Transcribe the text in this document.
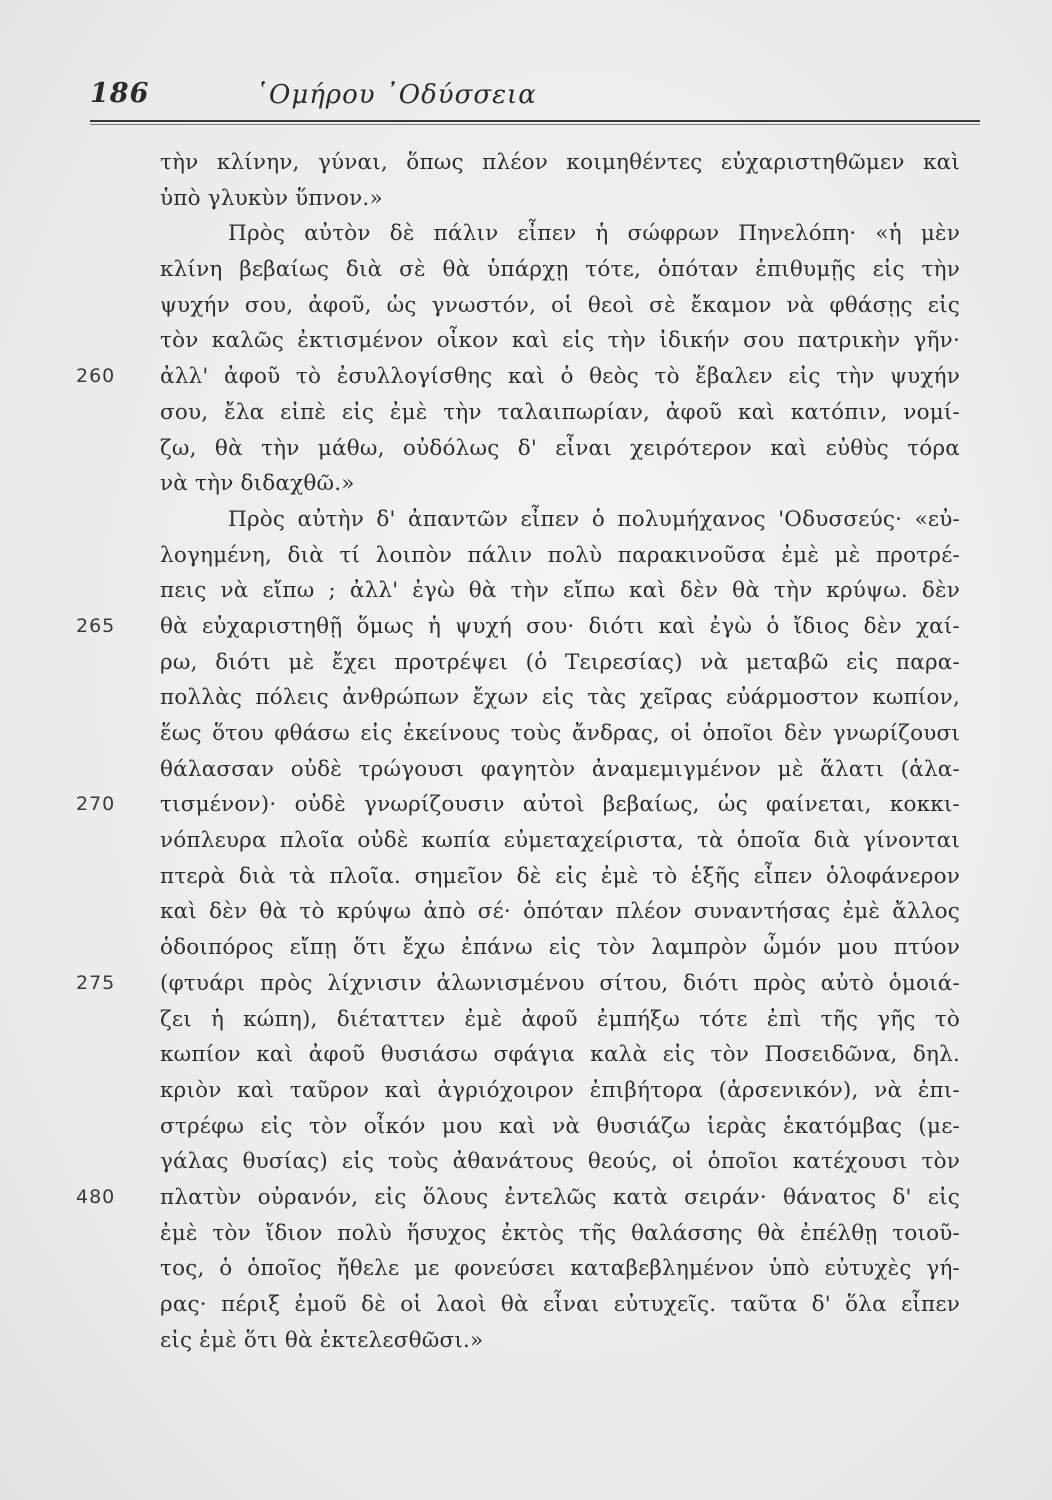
186	῾Ομήρου ᾿Οδύσσεια
260
265
270
275
480
τὴν κλίνην, γύναι, ὅπως πλέον κοιμηθέντες εὐχαριστηθῶμεν καὶ
ὑπὸ γλυκὺν ὕπνον.»
Πρὸς αὐτὸν δὲ πάλιν εἶπεν ἡ σώφρων Πηνελόπη· «ἡ μὲν
κλίνη βεβαίως διὰ σὲ θὰ ὑπάρχῃ τότε, ὁπόταν ἐπιθυμῇς εἰς τὴν
ψυχήν σου, ἀφοῦ, ὡς γνωστόν, οἱ θεοὶ σὲ ἔκαμον νὰ φθάσῃς εἰς
τὸν καλῶς ἐκτισμένον οἶκον καὶ εἰς τὴν ἰδικήν σου πατρικὴν γῆν·
ἀλλ' ἀφοῦ τὸ ἐσυλλογίσθης καὶ ὁ θεὸς τὸ ἔβαλεν εἰς τὴν ψυχήν
σου, ἔλα εἰπὲ εἰς ἐμὲ τὴν ταλαιπωρίαν, ἀφοῦ καὶ κατόπιν, νομί-
ζω, θὰ τὴν μάθω, οὐδόλως δ' εἶναι χειρότερον καὶ εὐθὺς τόρα
νὰ τὴν διδαχθῶ.»
Πρὸς αὐτὴν δ' ἀπαντῶν εἶπεν ὁ πολυμήχανος 'Οδυσσεύς· «εὐ-
λογημένη, διὰ τί λοιπὸν πάλιν πολὺ παρακινοῦσα ἐμὲ μὲ προτρέ-
πεις νὰ εἴπω ; ἀλλ' ἐγὼ θὰ τὴν εἴπω καὶ δὲν θὰ τὴν κρύψω. δὲν
θὰ εὐχαριστηθῇ ὅμως ἡ ψυχή σου· διότι καὶ ἐγὼ ὁ ἴδιος δὲν χαί-
ρω, διότι μὲ ἔχει προτρέψει (ὁ Τειρεσίας) νὰ μεταβῶ εἰς παρα-
πολλὰς πόλεις ἀνθρώπων ἔχων εἰς τὰς χεῖρας εὐάρμοστον κωπίον,
ἕως ὅτου φθάσω εἰς ἐκείνους τοὺς ἄνδρας, οἱ ὁποῖοι δὲν γνωρίζουσι
θάλασσαν οὐδὲ τρώγουσι φαγητὸν ἀναμεμιγμένον μὲ ἅλατι (ἁλα-
τισμένον)· οὐδὲ γνωρίζουσιν αὐτοὶ βεβαίως, ὡς φαίνεται, κοκκι-
νόπλευρα πλοῖα οὐδὲ κωπία εὐμεταχείριστα, τὰ ὁποῖα διὰ γίνονται
πτερὰ διὰ τὰ πλοῖα. σημεῖον δὲ εἰς ἐμὲ τὸ ἑξῆς εἶπεν ὁλοφάνερον
καὶ δὲν θὰ τὸ κρύψω ἀπὸ σέ· ὁπόταν πλέον συναντήσας ἐμὲ ἄλλος
ὁδοιπόρος εἴπῃ ὅτι ἔχω ἐπάνω εἰς τὸν λαμπρὸν ὦμόν μου πτύον
(φτυάρι πρὸς λίχνισιν ἀλωνισμένου σίτου, διότι πρὸς αὐτὸ ὁμοιά-
ζει ἡ κώπη), διέταττεν ἐμὲ ἀφοῦ ἐμπήξω τότε ἐπὶ τῆς γῆς τὸ
κωπίον καὶ ἀφοῦ θυσιάσω σφάγια καλὰ εἰς τὸν Ποσειδῶνα, δηλ.
κριὸν καὶ ταῦρον καὶ ἀγριόχοιρον ἐπιβήτορα (ἀρσενικόν), νὰ ἐπι-
στρέφω εἰς τὸν οἶκόν μου καὶ νὰ θυσιάζω ἱερὰς ἑκατόμβας (με-
γάλας θυσίας) εἰς τοὺς ἀθανάτους θεούς, οἱ ὁποῖοι κατέχουσι τὸν
πλατὺν οὐρανόν, εἰς ὅλους ἐντελῶς κατὰ σειράν· θάνατος δ' εἰς
ἐμὲ τὸν ἴδιον πολὺ ἥσυχος ἐκτὸς τῆς θαλάσσης θὰ ἐπέλθῃ τοιοῦ-
τος, ὁ ὁποῖος ἤθελε με φονεύσει καταβεβλημένον ὑπὸ εὐτυχὲς γή-
ρας· πέριξ ἐμοῦ δὲ οἱ λαοὶ θὰ εἶναι εὐτυχεῖς. ταῦτα δ' ὅλα εἶπεν
εἰς ἐμὲ ὅτι θὰ ἐκτελεσθῶσι.»
